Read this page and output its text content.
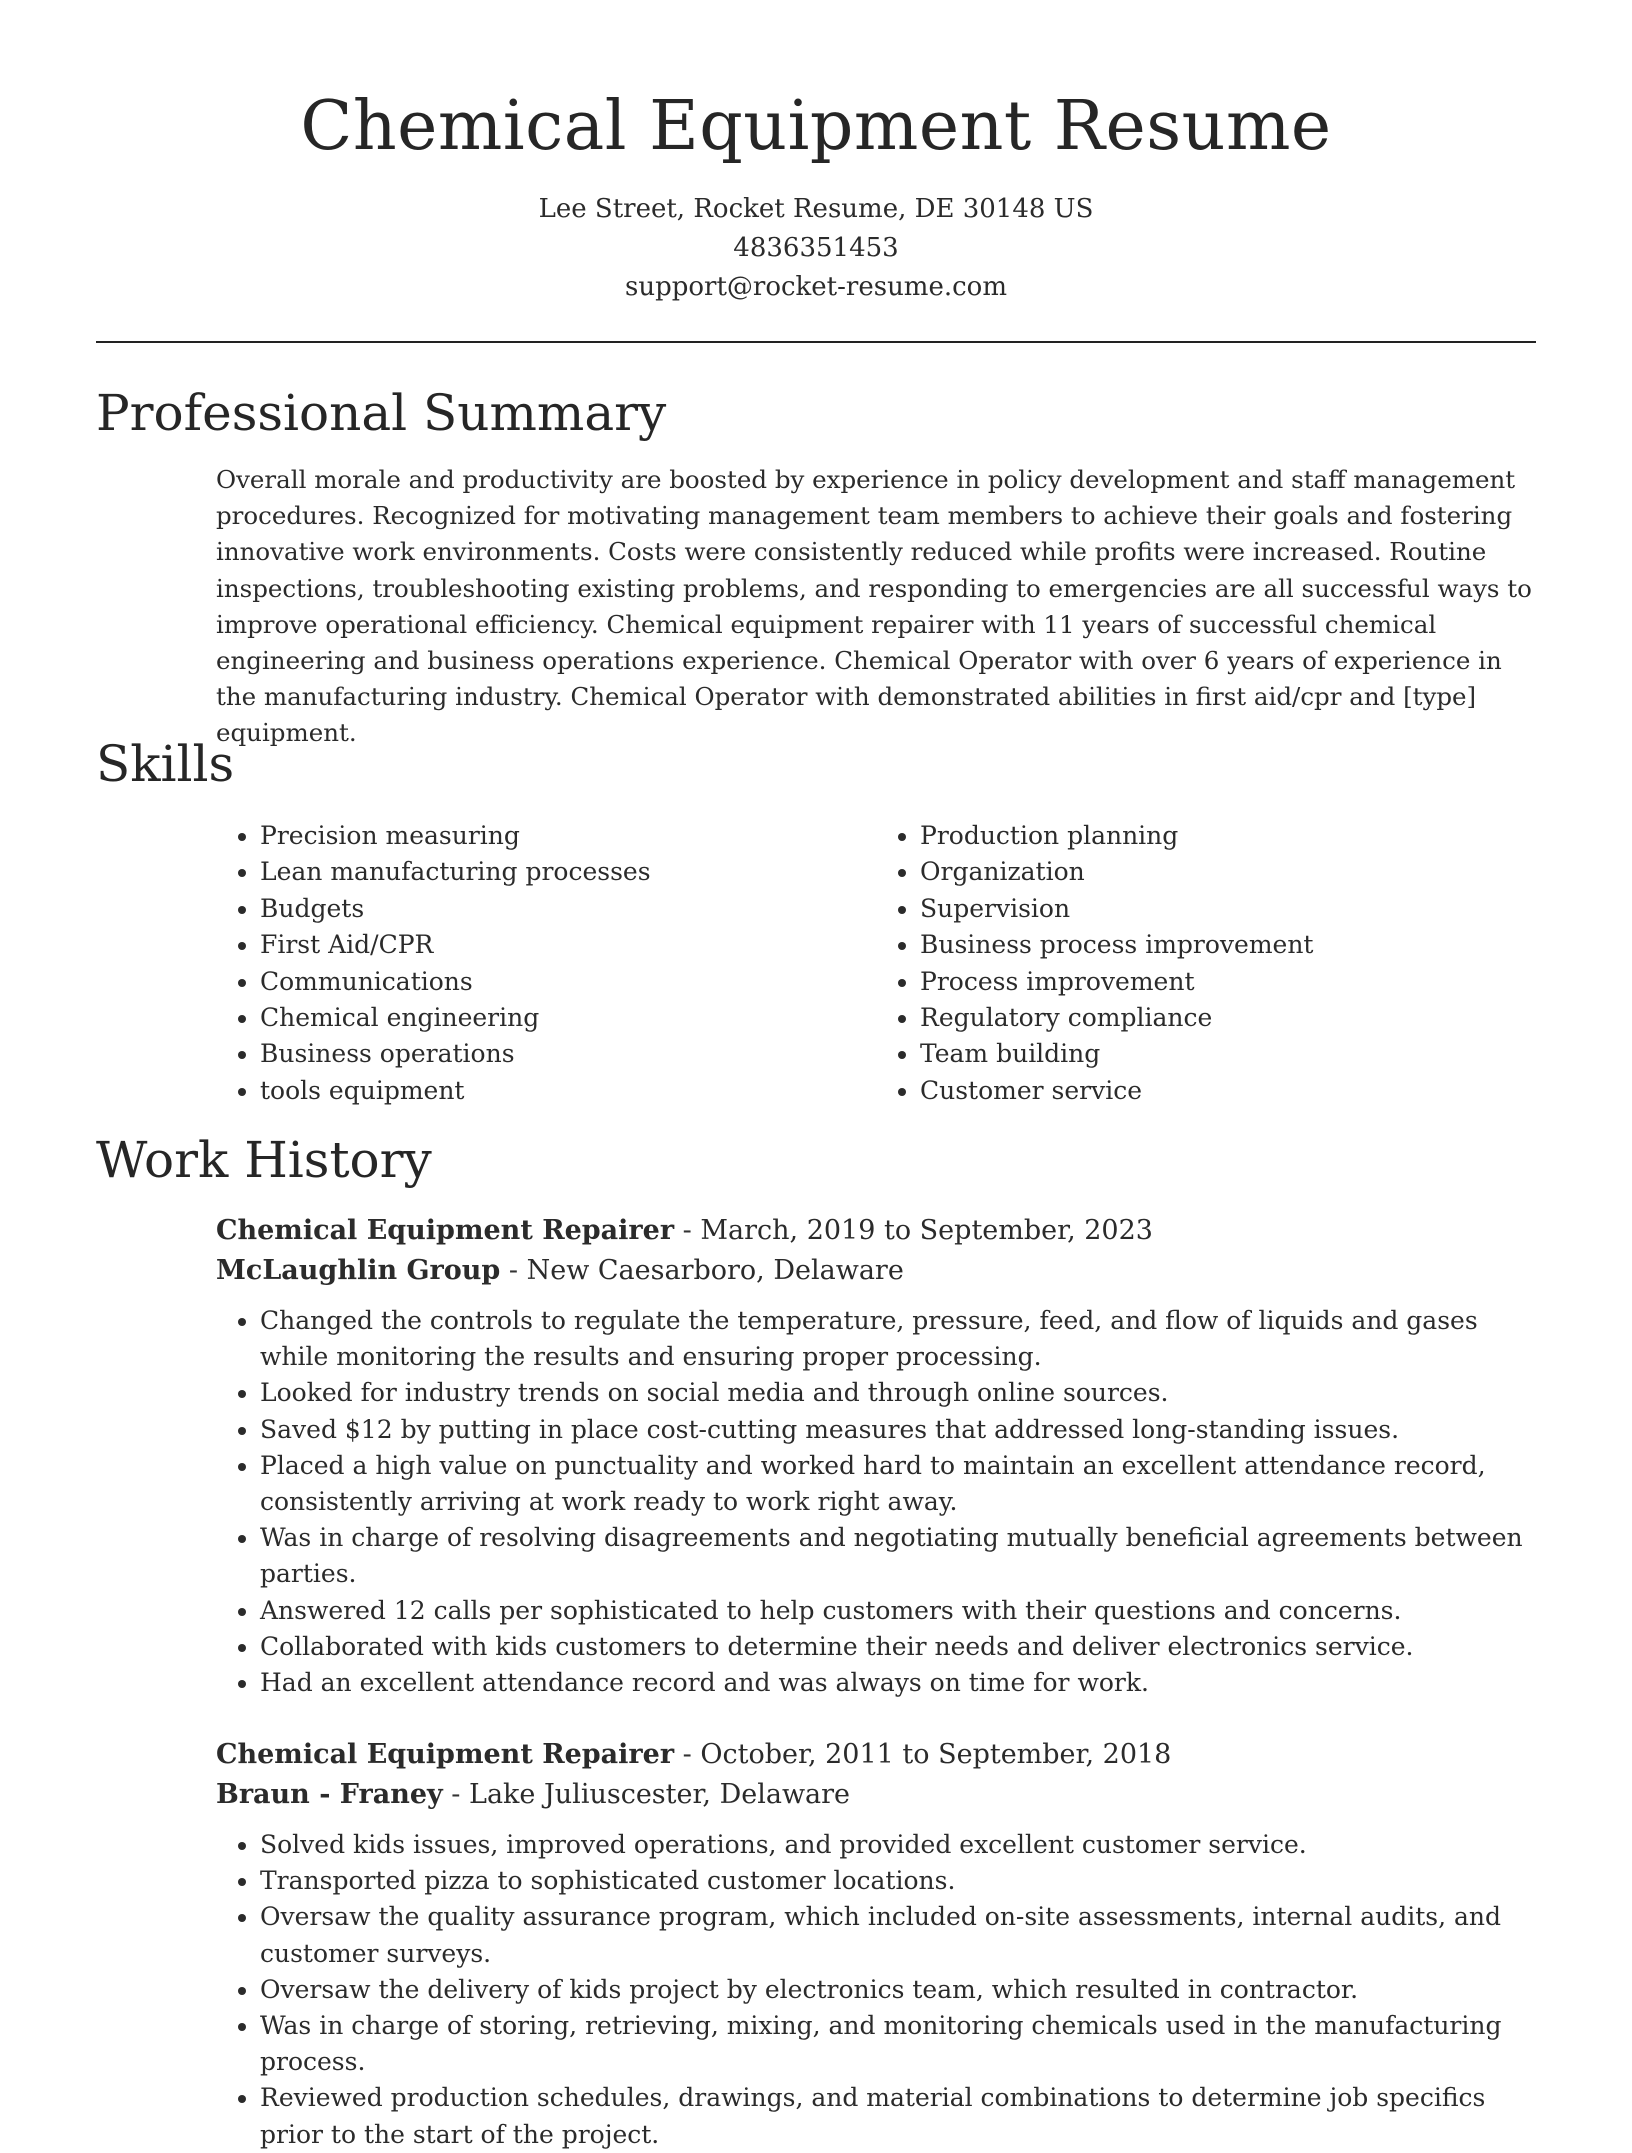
Chemical Equipment Resume
Lee Street, Rocket Resume, DE 30148 US
4836351453
support@rocket-resume.com
Professional Summary

Overall morale and productivity are boosted by experience in policy development and staff management procedures. Recognized for motivating management team members to achieve their goals and fostering innovative work environments. Costs were consistently reduced while profits were increased. Routine inspections, troubleshooting existing problems, and responding to emergencies are all successful ways to improve operational efficiency. Chemical equipment repairer with 11 years of successful chemical engineering and business operations experience. Chemical Operator with over 6 years of experience in the manufacturing industry. Chemical Operator with demonstrated abilities in first aid/cpr and [type] equipment.

Skills
• Precision measuring
• Lean manufacturing processes
• Budgets
• First Aid/CPR
• Communications
• Chemical engineering
• Business operations
• tools equipment
• Production planning
• Organization
• Supervision
• Business process improvement
• Process improvement
• Regulatory compliance
• Team building
• Customer service
Work History

Chemical Equipment Repairer - March, 2019 to September, 2023

McLaughlin Group - New Caesarboro, Delaware

• Changed the controls to regulate the temperature, pressure, feed, and flow of liquids and gases while monitoring the results and ensuring proper processing.
• Looked for industry trends on social media and through online sources.
• Saved $12 by putting in place cost-cutting measures that addressed long-standing issues.
• Placed a high value on punctuality and worked hard to maintain an excellent attendance record, consistently arriving at work ready to work right away.
• Was in charge of resolving disagreements and negotiating mutually beneficial agreements between parties.
• Answered 12 calls per sophisticated to help customers with their questions and concerns.
• Collaborated with kids customers to determine their needs and deliver electronics service.
• Had an excellent attendance record and was always on time for work.

Chemical Equipment Repairer - October, 2011 to September, 2018

Braun - Franey - Lake Juliuscester, Delaware

• Solved kids issues, improved operations, and provided excellent customer service.
• Transported pizza to sophisticated customer locations.
• Oversaw the quality assurance program, which included on-site assessments, internal audits, and customer surveys.
• Oversaw the delivery of kids project by electronics team, which resulted in contractor.
• Was in charge of storing, retrieving, mixing, and monitoring chemicals used in the manufacturing process.
• Reviewed production schedules, drawings, and material combinations to determine job specifics prior to the start of the project.
